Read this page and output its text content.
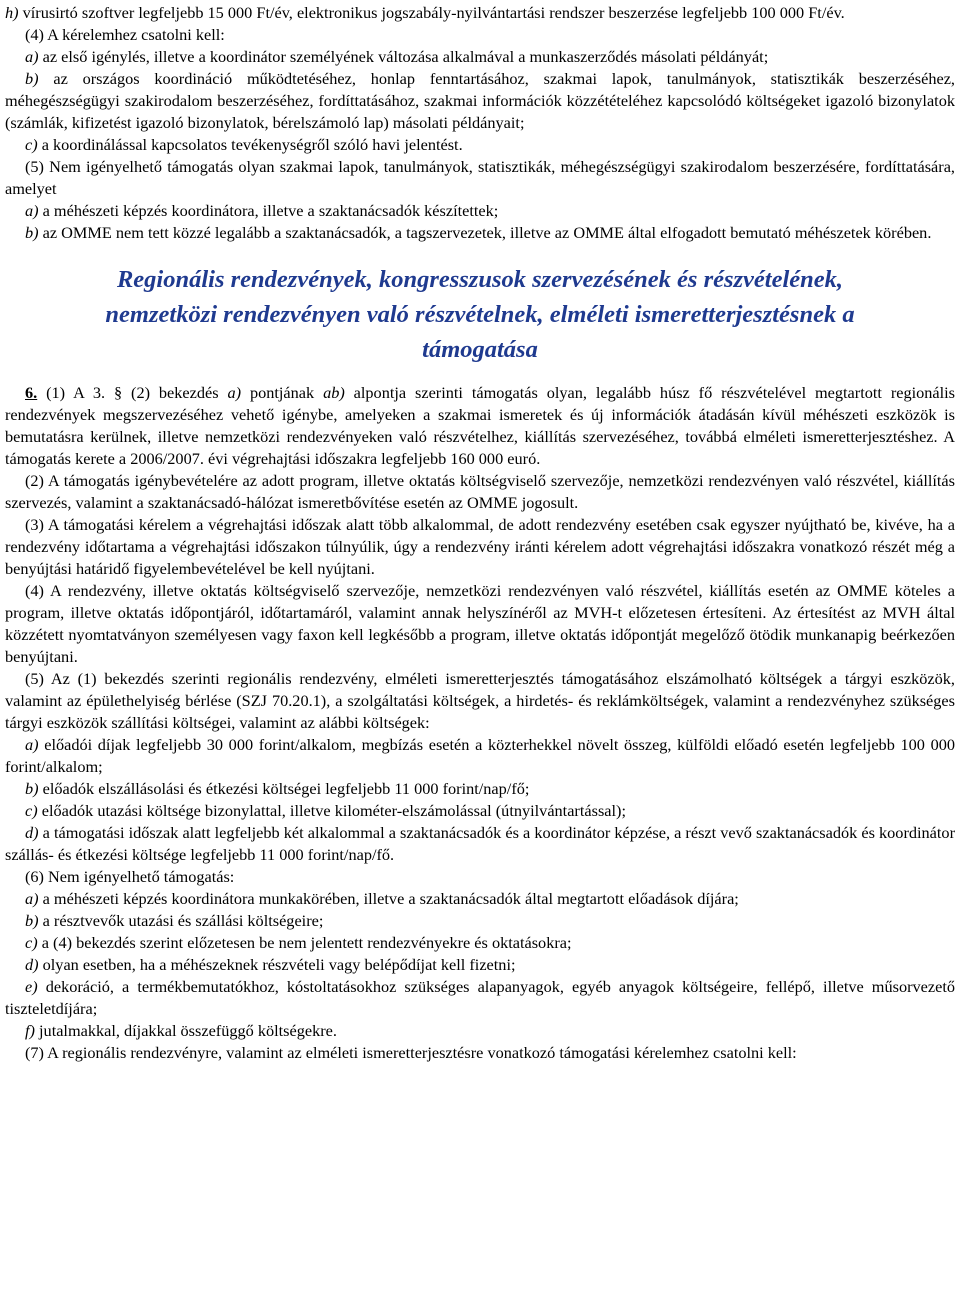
h) vírusirtó szoftver legfeljebb 15 000 Ft/év, elektronikus jogszabály-nyilvántartási rendszer beszerzése legfeljebb 100 000 Ft/év.

(4) A kérelemhez csatolni kell:

a) az első igénylés, illetve a koordinátor személyének változása alkalmával a munkaszerződés másolati példányát;

b) az országos koordináció működtetéséhez, honlap fenntartásához, szakmai lapok, tanulmányok, statisztikák beszerzéséhez, méhegészségügyi szakirodalom beszerzéséhez, fordíttatásához, szakmai információk közzétételéhez kapcsolódó költségeket igazoló bizonylatok (számlák, kifizetést igazoló bizonylatok, bérelszámoló lap) másolati példányait;

c) a koordinálással kapcsolatos tevékenységről szóló havi jelentést.

(5) Nem igényelhető támogatás olyan szakmai lapok, tanulmányok, statisztikák, méhegészségügyi szakirodalom beszerzésére, fordíttatására, amelyet

a) a méhészeti képzés koordinátora, illetve a szaktanácsadók készítettek;

b) az OMME nem tett közzé legalább a szaktanácsadók, a tagszervezetek, illetve az OMME által elfogadott bemutató méhészetek körében.

Regionális rendezvények, kongresszusok szervezésének és részvételének,
nemzetközi rendezvényen való részvételnek, elméleti ismeretterjesztésnek a
támogatása

6. (1) A 3. § (2) bekezdés a) pontjának ab) alpontja szerinti támogatás olyan, legalább húsz fő részvételével megtartott regionális rendezvények megszervezéséhez vehető igénybe, amelyeken a szakmai ismeretek és új információk átadásán kívül méhészeti eszközök is bemutatásra kerülnek, illetve nemzetközi rendezvényeken való részvételhez, kiállítás szervezéséhez, továbbá elméleti ismeretterjesztéshez. A támogatás kerete a 2006/2007. évi végrehajtási időszakra legfeljebb 160 000 euró.

(2) A támogatás igénybevételére az adott program, illetve oktatás költségviselő szervezője, nemzetközi rendezvényen való részvétel, kiállítás szervezés, valamint a szaktanácsadó-hálózat ismeretbővítése esetén az OMME jogosult.

(3) A támogatási kérelem a végrehajtási időszak alatt több alkalommal, de adott rendezvény esetében csak egyszer nyújtható be, kivéve, ha a rendezvény időtartama a végrehajtási időszakon túlnyúlik, úgy a rendezvény iránti kérelem adott végrehajtási időszakra vonatkozó részét még a benyújtási határidő figyelembevételével be kell nyújtani.

(4) A rendezvény, illetve oktatás költségviselő szervezője, nemzetközi rendezvényen való részvétel, kiállítás esetén az OMME köteles a program, illetve oktatás időpontjáról, időtartamáról, valamint annak helyszínéről az MVH-t előzetesen értesíteni. Az értesítést az MVH által közzétett nyomtatványon személyesen vagy faxon kell legkésőbb a program, illetve oktatás időpontját megelőző ötödik munkanapig beérkezően benyújtani.

(5) Az (1) bekezdés szerinti regionális rendezvény, elméleti ismeretterjesztés támogatásához elszámolható költségek a tárgyi eszközök, valamint az épülethelyiség bérlése (SZJ 70.20.1), a szolgáltatási költségek, a hirdetés- és reklámköltségek, valamint a rendezvényhez szükséges tárgyi eszközök szállítási költségei, valamint az alábbi költségek:

a) előadói díjak legfeljebb 30 000 forint/alkalom, megbízás esetén a közterhekkel növelt összeg, külföldi előadó esetén legfeljebb 100 000 forint/alkalom;

b) előadók elszállásolási és étkezési költségei legfeljebb 11 000 forint/nap/fő;

c) előadók utazási költsége bizonylattal, illetve kilométer-elszámolással (útnyilvántartással);

d) a támogatási időszak alatt legfeljebb két alkalommal a szaktanácsadók és a koordinátor képzése, a részt vevő szaktanácsadók és koordinátor szállás- és étkezési költsége legfeljebb 11 000 forint/nap/fő.

(6) Nem igényelhető támogatás:

a) a méhészeti képzés koordinátora munkakörében, illetve a szaktanácsadók által megtartott előadások díjára;

b) a résztvevők utazási és szállási költségeire;

c) a (4) bekezdés szerint előzetesen be nem jelentett rendezvényekre és oktatásokra;

d) olyan esetben, ha a méhészeknek részvételi vagy belépődíjat kell fizetni;

e) dekoráció, a termékbemutatókhoz, kóstoltatásokhoz szükséges alapanyagok, egyéb anyagok költségeire, fellépő, illetve műsorvezető tiszteletdíjára;

f) jutalmakkal, díjakkal összefüggő költségekre.

(7) A regionális rendezvényre, valamint az elméleti ismeretterjesztésre vonatkozó támogatási kérelemhez csatolni kell:
